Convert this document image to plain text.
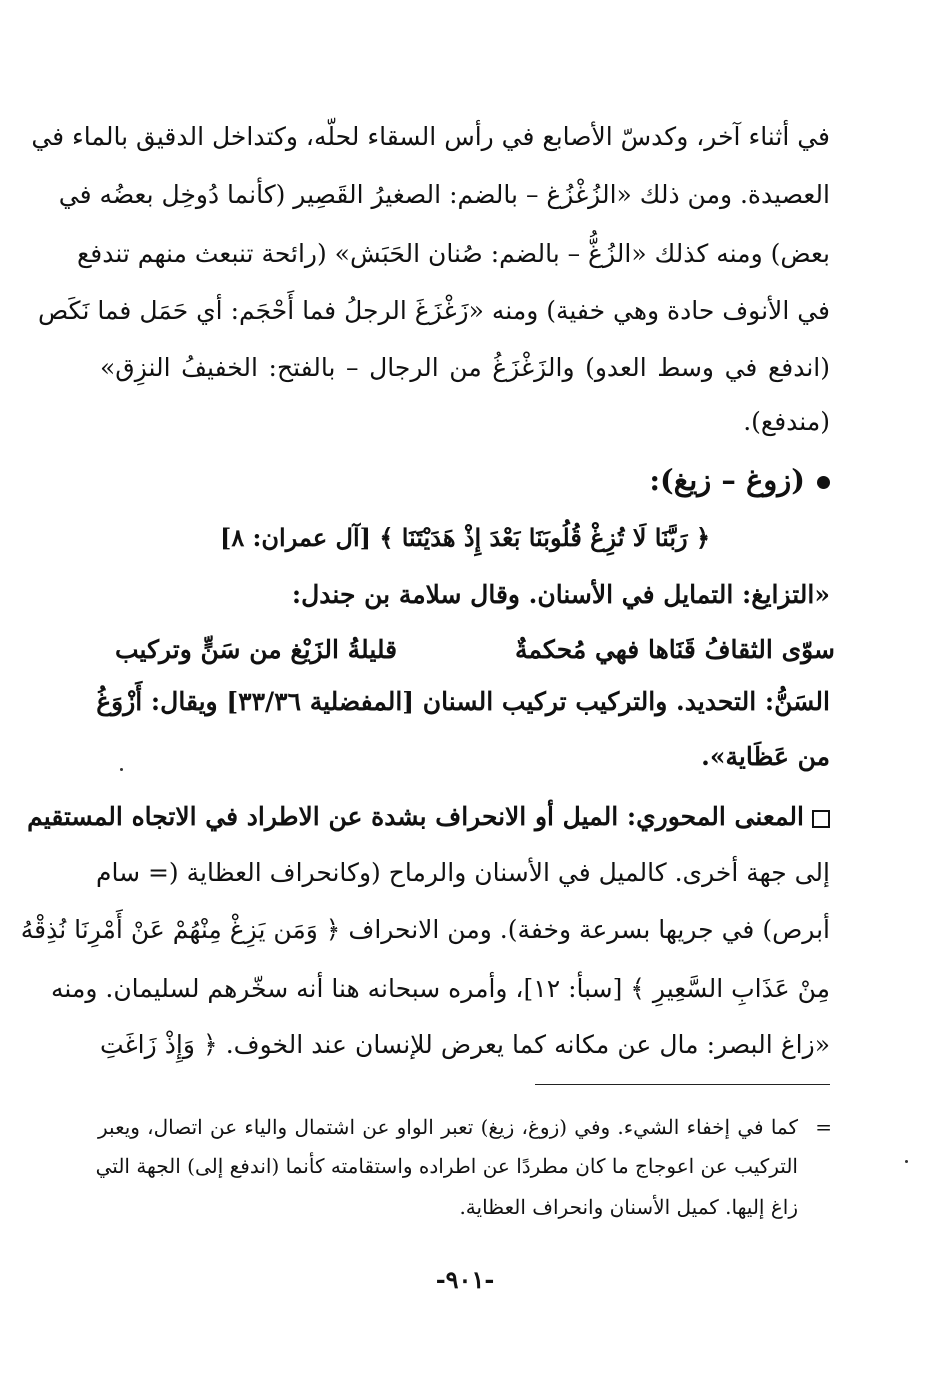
في أثناء آخر، وكدسّ الأصابع في رأس السقاء لحلّه، وكتداخل الدقيق بالماء في
العصيدة. ومن ذلك «الزُغْزُغ – بالضم: الصغيرُ القَصِير (كأنما دُوخِل بعضُه في
بعض) ومنه كذلك «الزُغُّ – بالضم: صُنان الحَبَش» (رائحة تنبعث منهم تندفع
في الأنوف حادة وهي خفية) ومنه «زَغْزَغَ الرجلُ فما أَحْجَم: أي حَمَل فما نَكَص
(اندفع في وسط العدو) والزَغْزَغُ من الرجال – بالفتح: الخفيفُ النزِق»
(مندفع).
(زوغ – زيغ):
﴿ رَبَّنَا لَا تُزِغْ قُلُوبَنَا بَعْدَ إِذْ هَدَيْتَنَا ﴾ [آل عمران: ٨]
«التزايغ: التمايل في الأسنان. وقال سلامة بن جندل:
سوّى الثقافُ قَنَاها فهي مُحكمةٌ
قليلةُ الزَيْغ من سَنٍّ وتركيب
السَنُّ: التحديد. والتركيب تركيب السنان [المفضلية ٣٣/٣٦] ويقال: أَزْوَغُ
من عَظَاية».
المعنى المحوري: الميل أو الانحراف بشدة عن الاطراد في الاتجاه المستقيم
إلى جهة أخرى. كالميل في الأسنان والرماح (وكانحراف العظاية (= سام
أبرص) في جريها بسرعة وخفة). ومن الانحراف ﴿ وَمَن يَزِغْ مِنْهُمْ عَنْ أَمْرِنَا نُذِقْهُ
مِنْ عَذَابِ السَّعِيرِ ﴾ [سبأ: ١٢]، وأمره سبحانه هنا أنه سخّرهم لسليمان. ومنه
«زاغ البصر: مال عن مكانه كما يعرض للإنسان عند الخوف. ﴿ وَإِذْ زَاغَتِ
=
كما في إخفاء الشيء. وفي (زوغ، زيغ) تعبر الواو عن اشتمال والياء عن اتصال، ويعبر
التركيب عن اعوجاج ما كان مطردًا عن اطراده واستقامته كأنما (اندفع إلى) الجهة التي
زاغ إليها. كميل الأسنان وانحراف العظاية.
-٩٠١-
